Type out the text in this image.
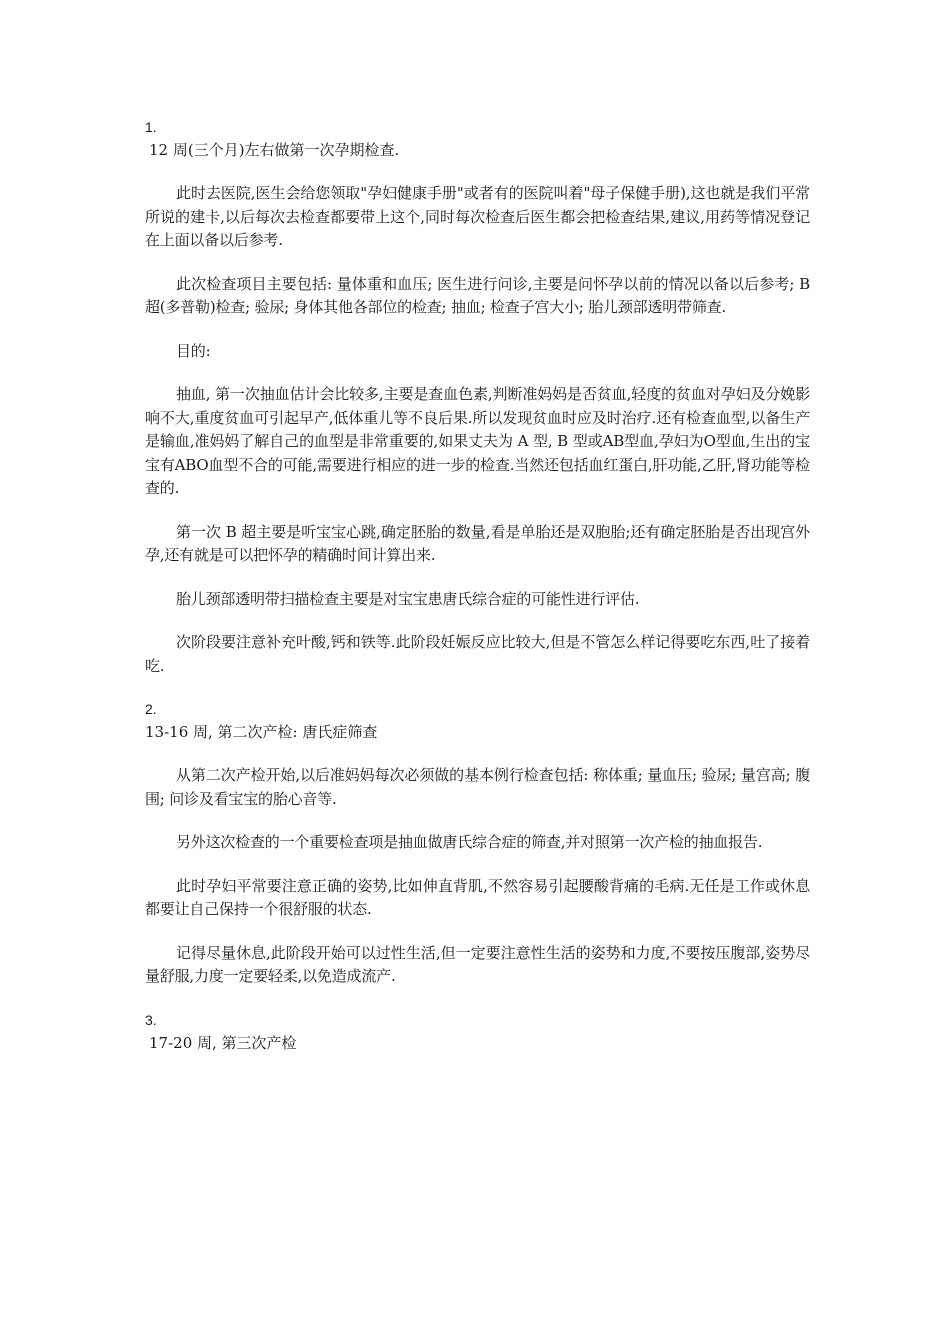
1.

12 周(三个月)左右做第一次孕期检查.

此时去医院,医生会给您领取"孕妇健康手册"或者有的医院叫着"母子保健手册),这也就是我们平常所说的建卡,以后每次去检查都要带上这个,同时每次检查后医生都会把检查结果,建议,用药等情况登记在上面以备以后参考.

此次检查项目主要包括: 量体重和血压; 医生进行问诊,主要是问怀孕以前的情况以备以后参考; B 超(多普勒)检查; 验尿; 身体其他各部位的检查; 抽血; 检查子宫大小; 胎儿颈部透明带筛查.

目的:

抽血, 第一次抽血估计会比较多,主要是查血色素,判断准妈妈是否贫血,轻度的贫血对孕妇及分娩影响不大,重度贫血可引起早产,低体重儿等不良后果.所以发现贫血时应及时治疗.还有检查血型,以备生产是输血,准妈妈了解自己的血型是非常重要的,如果丈夫为 A 型, B 型或AB型血,孕妇为O型血,生出的宝宝有ABO血型不合的可能,需要进行相应的进一步的检查.当然还包括血红蛋白,肝功能,乙肝,肾功能等检查的.

第一次 B 超主要是听宝宝心跳,确定胚胎的数量,看是单胎还是双胞胎;还有确定胚胎是否出现宫外孕,还有就是可以把怀孕的精确时间计算出来.

胎儿颈部透明带扫描检查主要是对宝宝患唐氏综合症的可能性进行评估.

次阶段要注意补充叶酸,钙和铁等.此阶段妊娠反应比较大,但是不管怎么样记得要吃东西,吐了接着吃.

2.

13-16 周, 第二次产检: 唐氏症筛查

从第二次产检开始,以后准妈妈每次必须做的基本例行检查包括: 称体重; 量血压; 验尿; 量宫高; 腹围; 问诊及看宝宝的胎心音等.

另外这次检查的一个重要检查项是抽血做唐氏综合症的筛查,并对照第一次产检的抽血报告.

此时孕妇平常要注意正确的姿势,比如伸直背肌,不然容易引起腰酸背痛的毛病.无任是工作或休息都要让自己保持一个很舒服的状态.

记得尽量休息,此阶段开始可以过性生活,但一定要注意性生活的姿势和力度,不要按压腹部,姿势尽量舒服,力度一定要轻柔,以免造成流产.

3.

17-20 周, 第三次产检
